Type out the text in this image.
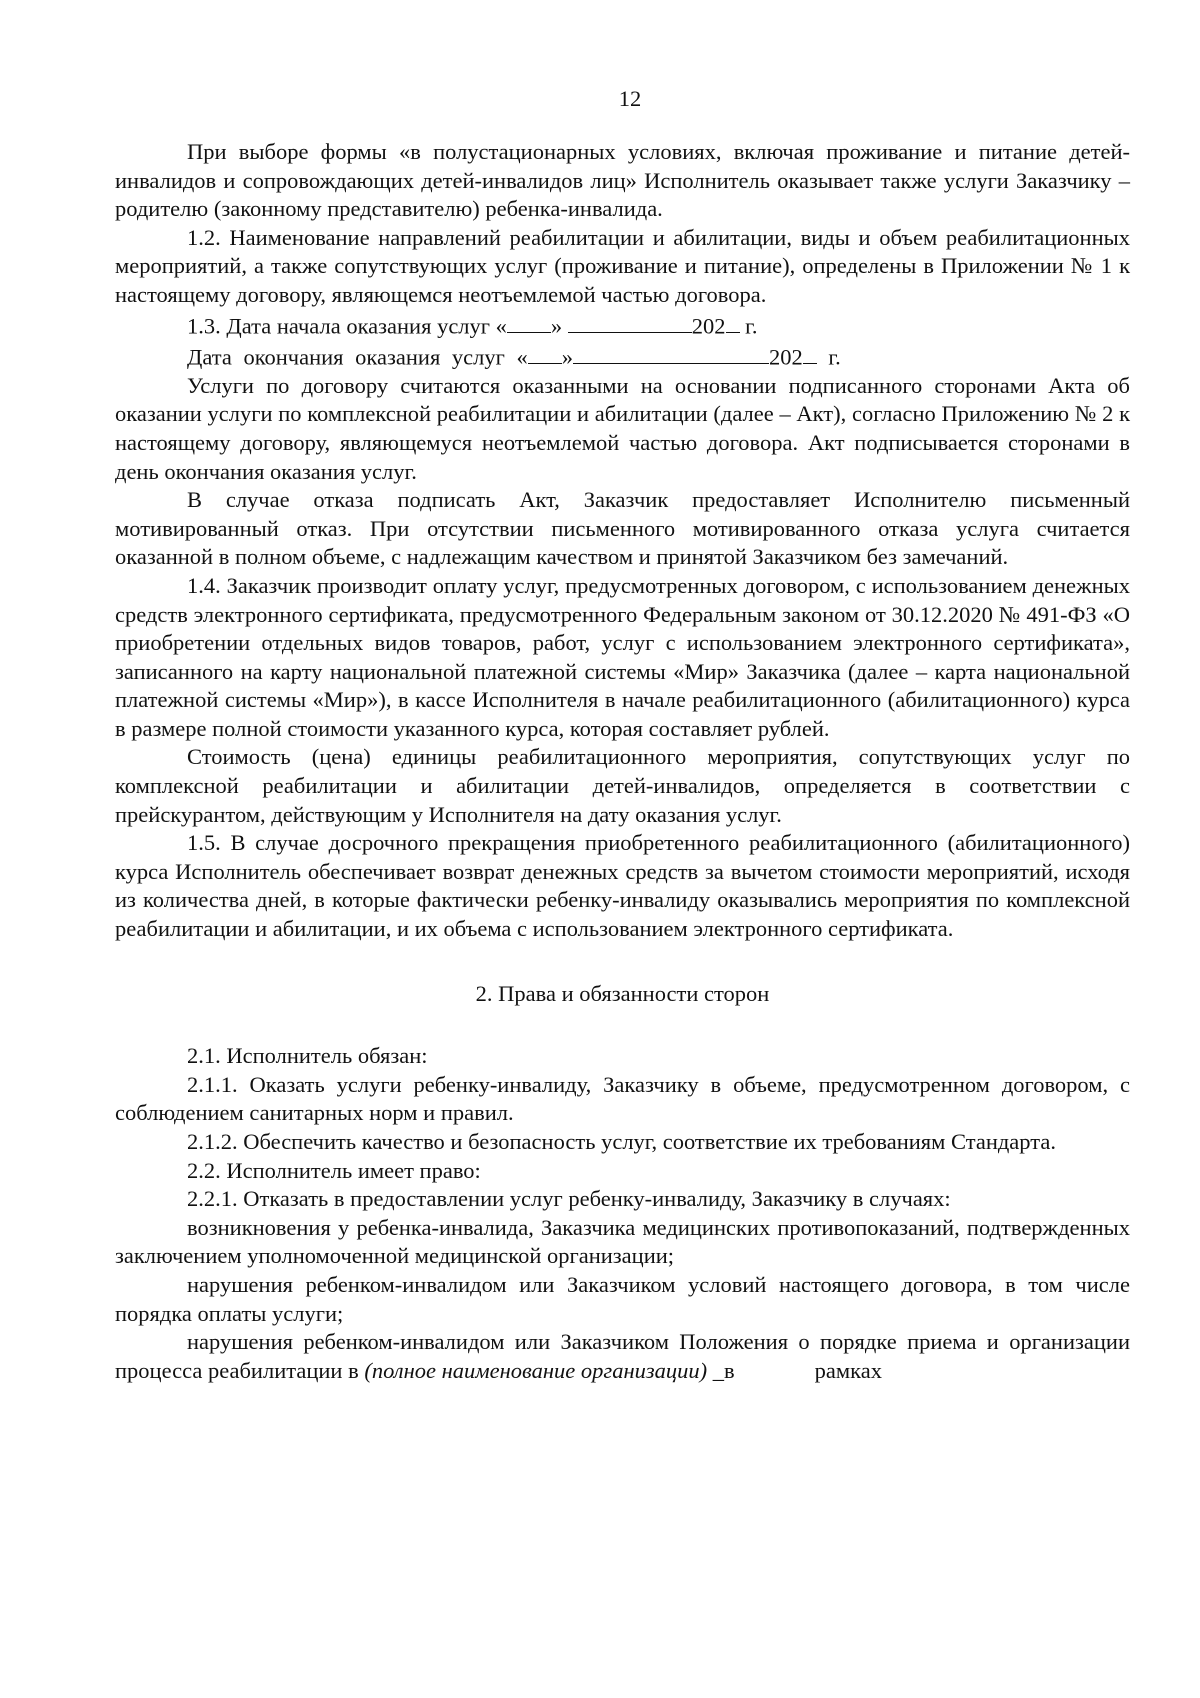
12

При выборе формы «в полустационарных условиях, включая проживание и питание детей-инвалидов и сопровождающих детей-инвалидов лиц» Исполнитель оказывает также услуги Заказчику – родителю (законному представителю) ребенка-инвалида.

1.2. Наименование направлений реабилитации и абилитации, виды и объем реабилитационных мероприятий, а также сопутствующих услуг (проживание и питание), определены в Приложении № 1 к настоящему договору, являющемся неотъемлемой частью договора.

1.3. Дата начала оказания услуг « »	202 г.

Дата окончания оказания услуг « »	202 г.

Услуги по договору считаются оказанными на основании подписанного сторонами Акта об оказании услуги по комплексной реабилитации и абилитации (далее – Акт), согласно Приложению № 2 к настоящему договору, являющемуся неотъемлемой частью договора. Акт подписывается сторонами в день окончания оказания услуг.

В случае отказа подписать Акт, Заказчик предоставляет Исполнителю письменный мотивированный отказ. При отсутствии письменного мотивированного отказа услуга считается оказанной в полном объеме, с надлежащим качеством и принятой Заказчиком без замечаний.

1.4. Заказчик производит оплату услуг, предусмотренных договором, с использованием денежных средств электронного сертификата, предусмотренного Федеральным законом от 30.12.2020 № 491-ФЗ «О приобретении отдельных видов товаров, работ, услуг с использованием электронного сертификата», записанного на карту национальной платежной системы «Мир» Заказчика (далее – карта национальной платежной системы «Мир»), в кассе Исполнителя в начале реабилитационного (абилитационного) курса в размере полной стоимости указанного курса, которая составляет рублей.

Стоимость (цена) единицы реабилитационного мероприятия, сопутствующих услуг по комплексной реабилитации и абилитации детей-инвалидов, определяется в соответствии с прейскурантом, действующим у Исполнителя на дату оказания услуг.

1.5. В случае досрочного прекращения приобретенного реабилитационного (абилитационного) курса Исполнитель обеспечивает возврат денежных средств за вычетом стоимости мероприятий, исходя из количества дней, в которые фактически ребенку-инвалиду оказывались мероприятия по комплексной реабилитации и абилитации, и их объема с использованием электронного сертификата.

2. Права и обязанности сторон

2.1. Исполнитель обязан:

2.1.1. Оказать услуги ребенку-инвалиду, Заказчику в объеме, предусмотренном договором, с соблюдением санитарных норм и правил.

2.1.2. Обеспечить качество и безопасность услуг, соответствие их требованиям Стандарта.

2.2. Исполнитель имеет право:

2.2.1. Отказать в предоставлении услуг ребенку-инвалиду, Заказчику в случаях:

возникновения у ребенка-инвалида, Заказчика медицинских противопоказаний, подтвержденных заключением уполномоченной медицинской организации;

нарушения ребенком-инвалидом или Заказчиком условий настоящего договора, в том числе порядка оплаты услуги;

нарушения ребенком-инвалидом или Заказчиком Положения о порядке приема и организации процесса реабилитации в (полное наименование организации) _в	рамках
